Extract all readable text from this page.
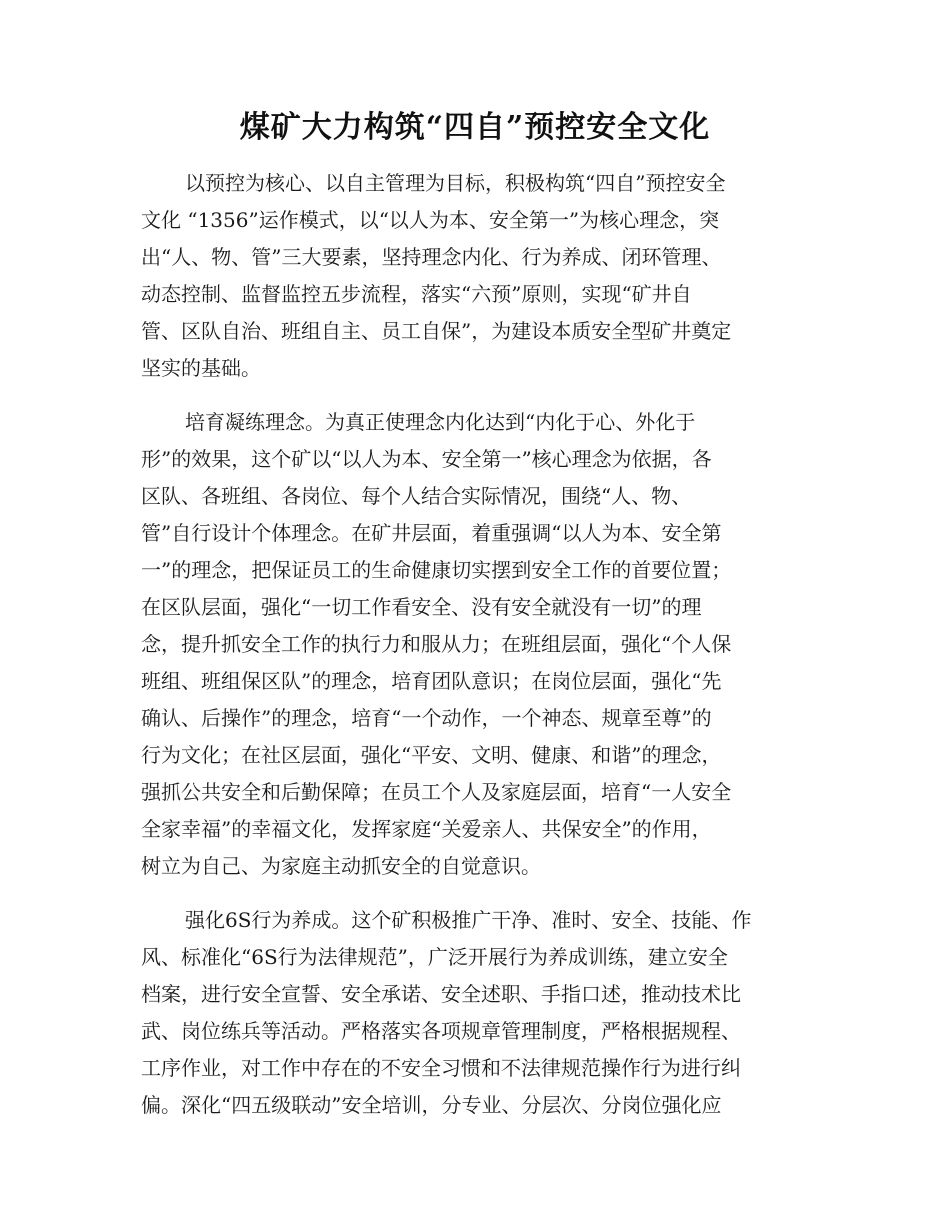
煤矿大力构筑“四自”预控安全文化

以预控为核心、以自主管理为目标，积极构筑“四自”预控安全
文化 “1356”运作模式，以“以人为本、安全第一”为核心理念，突
出“人、物、管”三大要素，坚持理念内化、行为养成、闭环管理、
动态控制、监督监控五步流程，落实“六预”原则，实现“矿井自
管、区队自治、班组自主、员工自保”，为建设本质安全型矿井奠定
坚实的基础。

培育凝练理念。为真正使理念内化达到“内化于心、外化于
形”的效果，这个矿以“以人为本、安全第一”核心理念为依据，各
区队、各班组、各岗位、每个人结合实际情况，围绕“人、物、
管”自行设计个体理念。在矿井层面，着重强调“以人为本、安全第
一”的理念，把保证员工的生命健康切实摆到安全工作的首要位置；
在区队层面，强化“一切工作看安全、没有安全就没有一切”的理
念，提升抓安全工作的执行力和服从力；在班组层面，强化“个人保
班组、班组保区队”的理念，培育团队意识；在岗位层面，强化“先
确认、后操作”的理念，培育“一个动作，一个神态、规章至尊”的
行为文化；在社区层面，强化“平安、文明、健康、和谐”的理念，
强抓公共安全和后勤保障；在员工个人及家庭层面，培育“一人安全
全家幸福”的幸福文化，发挥家庭“关爱亲人、共保安全”的作用，
树立为自己、为家庭主动抓安全的自觉意识。

强化6S行为养成。这个矿积极推广干净、准时、安全、技能、作
风、标准化“6S行为法律规范”，广泛开展行为养成训练，建立安全
档案，进行安全宣誓、安全承诺、安全述职、手指口述，推动技术比
武、岗位练兵等活动。严格落实各项规章管理制度，严格根据规程、
工序作业，对工作中存在的不安全习惯和不法律规范操作行为进行纠
偏。深化“四五级联动”安全培训，分专业、分层次、分岗位强化应
